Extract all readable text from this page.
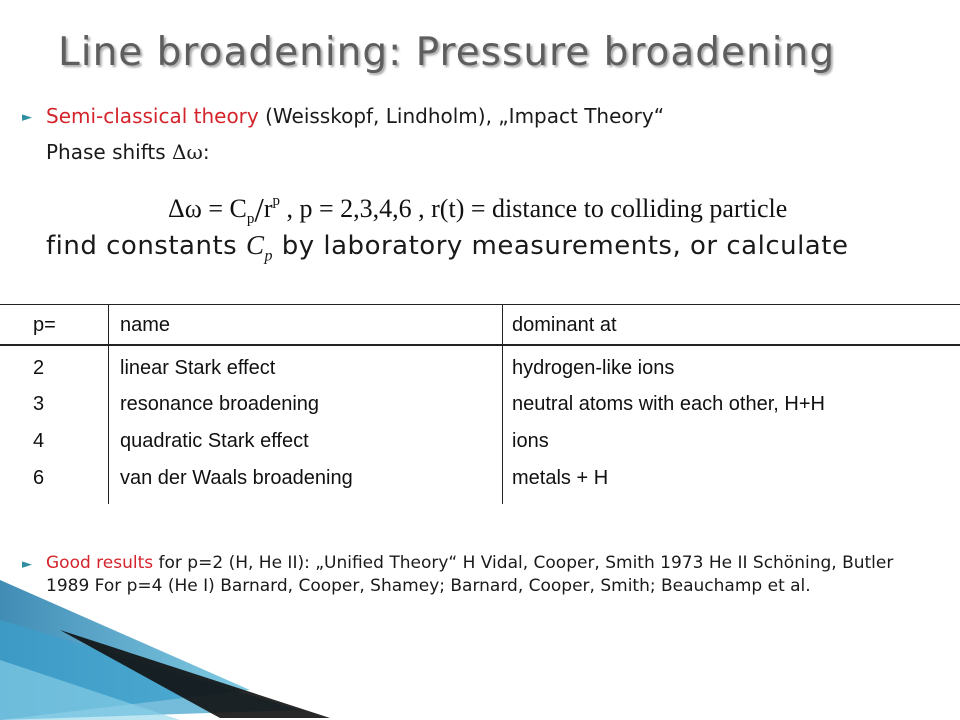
Line broadening: Pressure broadening
► Semi-classical theory (Weisskopf, Lindholm), „Impact Theory“
Phase shifts Δω:
$\Delta\omega = C_p/r^p$ , p = 2,3,4,6 , r(t) = distance to colliding particle
find constants $C_p$ by laboratory measurements, or calculate
p=	name	dominant at
2	linear Stark effect	hydrogen-like ions
3	resonance broadening	neutral atoms with each other, H+H
4	quadratic Stark effect	ions
6	van der Waals broadening	metals + H
► Good results for p=2 (H, He II): „Unified Theory“ H Vidal, Cooper, Smith 1973 He II Schöning, Butler 1989 For p=4 (He I) Barnard, Cooper, Shamey; Barnard, Cooper, Smith; Beauchamp et al.
